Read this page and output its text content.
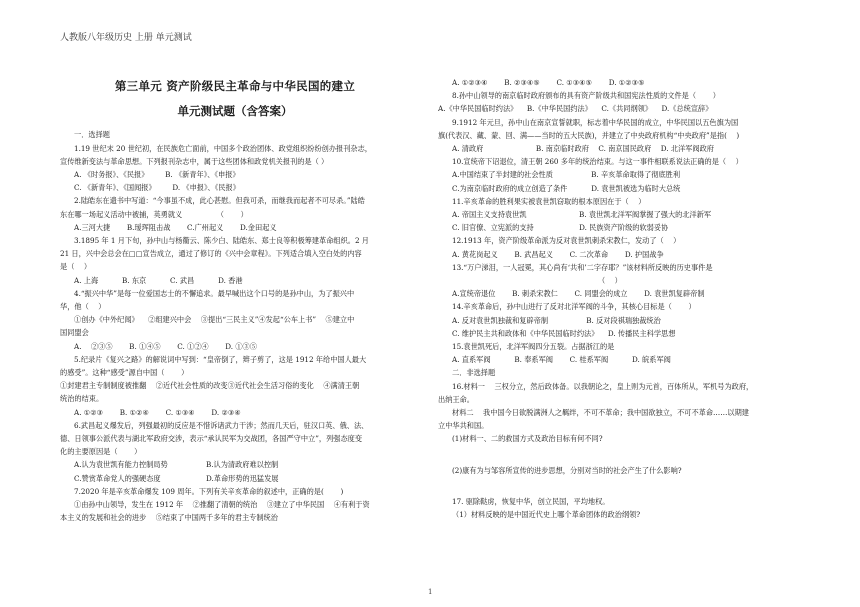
人教版八年级历史 上册 单元测试
第三单元 资产阶级民主革命与中华民国的建立
单元测试题（含答案）
一．选择题
1.19 世纪末 20 世纪初，在民族危亡面前，中国多个政治团体、政党组织纷纷创办报刊杂志，
宣传维新变法与革命思想。下列报刊杂志中，属于这些团体和政党机关报刊的是（ ）
A. 《时务报》、《民报》 　　B. 《新青年》、《申报》
C. 《新青年》、《国闻报》 　　D. 《申报》、《民报》
2.陆皓东在遗书中写道：“今事虽不成，此心甚慰。但我可杀，而继我而起者不可尽杀。”陆皓
东在哪一场起义活动中被捕，英勇就义 　　　　　（ 　　）
A.三河大捷 　　B.瑷珲阻击战 　　C.广州起义 　　D.金田起义
3.1895 年 1 月下旬，孙中山与杨衢云、陈少白、陆皓东、郑士良等积极筹建革命组织。2 月
21 日，兴中会总会在□□宣告成立，通过了修订的《兴中会章程》。下列适合填入空白处的内容
是（ 　）
A. 上海 　　　B. 东京 　　　C. 武昌 　　　D. 香港
4.“振兴中华”是每一位爱国志士的不懈追求。最早喊出这个口号的是孙中山，为了振兴中
华，他（ 　）
①创办《中外纪闻》 　②组建兴中会 　③提出“三民主义”④发起“公车上书” 　⑤建立中
国同盟会
A. 　②③⑤ 　　B. ①④⑤ 　　C. ①②④ 　　D. ①③⑤
5.纪录片《复兴之路》的解说词中写到：“皇帝倒了，辫子剪了，这是 1912 年给中国人最大
的感受”。这种“感受”源自中国（ 　　）
①封建君主专制制度被推翻 　②近代社会性质的改变③近代社会生活习俗的变化 　④满清王朝
统治的结束。
A. ①②③ 　　B. ①②④ 　　C. ①③④ 　　D. ②③④
6.武昌起义爆发后，列强最初的反应是不惜诉诸武力干涉；然而几天后，驻汉口英、俄、法、
德、日领事公派代表与湖北军政府交涉，表示“承认民军为交战团，各国严守中立”，列强态度变
化的主要原因是（ 　　）
A.认为袁世凯有能力控制局势 　　　　　B.认为清政府难以控制
C.赞赏革命党人的强硬态度 　　　　　　D.革命形势的迅猛发展
7.2020 年是辛亥革命爆发 109 周年。下列有关辛亥革命的叙述中，正确的是( 　　)
①由孙中山领导，发生在 1912 年 　②推翻了清朝的统治 　③建立了中华民国 　④有利于资
本主义的发展和社会的进步 　⑤结束了中国两千多年的君主专制统治
A. ①②③④ 　　B. ②③④⑤ 　　C. ①③④⑤ 　　D. ①②③⑤
8.孙中山领导的南京临时政府颁布的具有资产阶级共和国宪法性质的文件是（ 　　）
A.《中华民国临时约法》 　B.《中华民国约法》 　C.《共同纲领》 　D.《总统宣辞》
9.1912 年元旦，孙中山在南京宣誓就职，标志着中华民国的成立，中华民国以五色旗为国
旗(代表汉、藏、蒙、回、满——当时的五大民族)，并建立了中央政府机构“中央政府”是指( 　)
A. 清政府 　　　　　　　B. 南京临时政府 　C. 南京国民政府 　D. 北洋军阀政府
10.宣统帝下诏退位，清王朝 260 多年的统治结束。与这一事件相联系说法正确的是（ 　）
A.中国结束了半封建的社会性质 　　　　　B. 辛亥革命取得了彻底胜利
C.为南京临时政府的成立创造了条件 　　　D. 袁世凯被选为临时大总统
11.辛亥革命的胜利果实被袁世凯窃取的根本原因在于（ 　）
A. 帝国主义支持袁世凯 　　　　　　　B. 袁世凯北洋军阀掌握了强大的北洋新军
C. 旧官僚、立宪派的支持 　　　　　　D. 民族资产阶级的软弱妥协
12.1913 年，资产阶级革命派为反对袁世凯刺杀宋教仁，发动了（ 　）
A. 黄花岗起义 　　B. 武昌起义 　　C. 二次革命 　　D. 护国战争
13.“万户涕泪，一人冠冕，其心尚有‘共和’二字存耶？”该材料所反映的历史事件是
（ 　）
A.宣统帝退位 　　B. 刺杀宋教仁 　　C. 同盟会的成立 　　D. 袁世凯复辟帝制
14.辛亥革命后，孙中山进行了反对北洋军阀的斗争，其核心目标是（ 　　）
A. 反对袁世凯独裁和复辟帝制 　　　　　B. 反对段祺瑞独裁统治
C. 维护民主共和政体和《中华民国临时约法》 　D. 传播民主科学思想
15.袁世凯死后，北洋军阀四分五裂。占据浙江的是
A. 直系军阀 　　　B. 奉系军阀 　　C. 桂系军阀 　　　D. 皖系军阀
二．非选择题
16.材料一 　三权分立，然后政体备。以我朝论之，皇上则为元首，百体所从，军机号为政府，
出纳王命。
材料二 　我中国今日欲脱满洲人之羁绊，不可不革命；我中国欲独立，不可不革命……以期建
立中华共和国。
(1)材料一、二的救国方式及政治目标有何不同?
(2)康有为与邹容所宣传的进步思想，分别对当时的社会产生了什么影响?
17. 驱除鞑虏，恢复中华，创立民国，平均地权。
（1）材料反映的是中国近代史上哪个革命团体的政治纲领?
1
